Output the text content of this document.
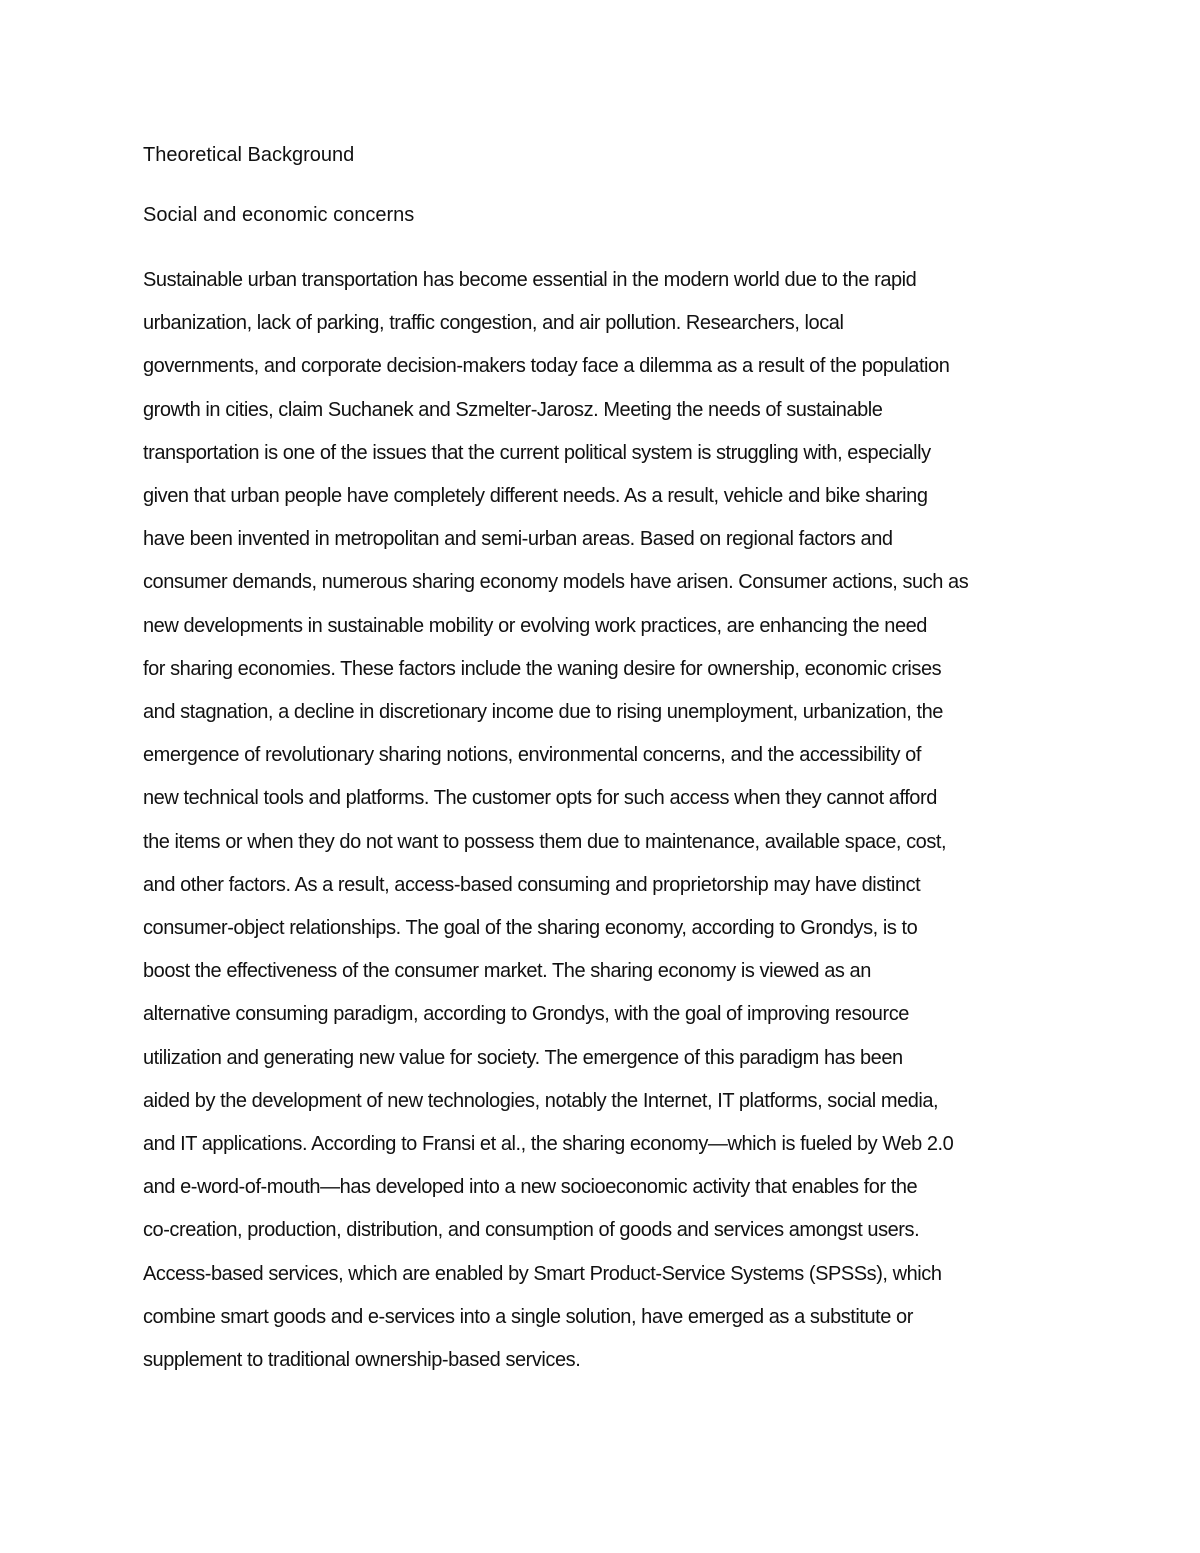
Theoretical Background

Social and economic concerns

Sustainable urban transportation has become essential in the modern world due to the rapid
urbanization, lack of parking, traffic congestion, and air pollution. Researchers, local
governments, and corporate decision-makers today face a dilemma as a result of the population
growth in cities, claim Suchanek and Szmelter-Jarosz. Meeting the needs of sustainable
transportation is one of the issues that the current political system is struggling with, especially
given that urban people have completely different needs. As a result, vehicle and bike sharing
have been invented in metropolitan and semi-urban areas. Based on regional factors and
consumer demands, numerous sharing economy models have arisen. Consumer actions, such as
new developments in sustainable mobility or evolving work practices, are enhancing the need
for sharing economies. These factors include the waning desire for ownership, economic crises
and stagnation, a decline in discretionary income due to rising unemployment, urbanization, the
emergence of revolutionary sharing notions, environmental concerns, and the accessibility of
new technical tools and platforms. The customer opts for such access when they cannot afford
the items or when they do not want to possess them due to maintenance, available space, cost,
and other factors. As a result, access-based consuming and proprietorship may have distinct
consumer-object relationships. The goal of the sharing economy, according to Grondys, is to
boost the effectiveness of the consumer market. The sharing economy is viewed as an
alternative consuming paradigm, according to Grondys, with the goal of improving resource
utilization and generating new value for society. The emergence of this paradigm has been
aided by the development of new technologies, notably the Internet, IT platforms, social media,
and IT applications. According to Fransi et al., the sharing economy—which is fueled by Web 2.0
and e-word-of-mouth—has developed into a new socioeconomic activity that enables for the
co-creation, production, distribution, and consumption of goods and services amongst users.
Access-based services, which are enabled by Smart Product-Service Systems (SPSSs), which
combine smart goods and e-services into a single solution, have emerged as a substitute or
supplement to traditional ownership-based services.
